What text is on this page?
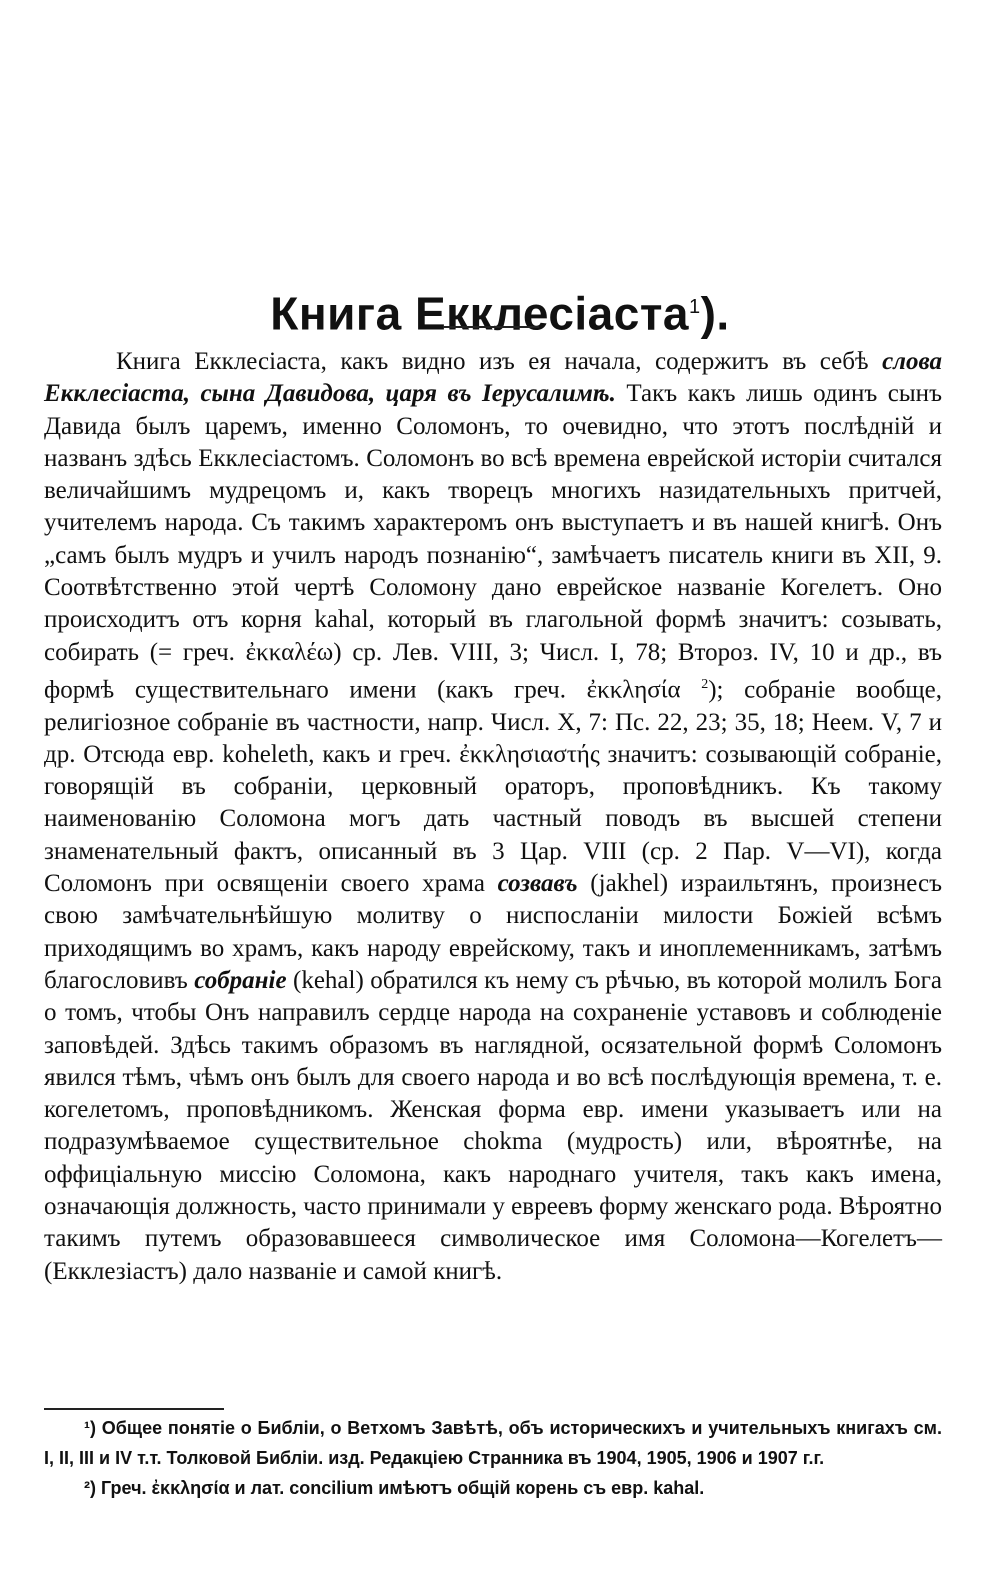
Книга Екклесіаста$^1$).

Книга Екклесіаста, какъ видно изъ ея начала, содержитъ въ себѣ слова Екклесіаста, сына Давидова, царя въ Іерусалимѣ. Такъ какъ лишь одинъ сынъ Давида былъ царемъ, именно Соломонъ, то очевидно, что этотъ послѣдній и названъ здѣсь Екклесіастомъ. Соломонъ во всѣ времена еврейской исторіи считался величайшимъ мудрецомъ и, какъ творецъ многихъ назидательныхъ притчей, учителемъ народа. Съ такимъ характеромъ онъ выступаетъ и въ нашей книгѣ. Онъ „самъ былъ мудръ и училъ народъ познанію“, замѣчаетъ писатель книги въ XII, 9. Соотвѣтственно этой чертѣ Соломону дано еврейское названіе Когелетъ. Оно происходитъ отъ корня kahal, который въ глагольной формѣ значитъ: созывать, собирать (= греч. ἐκκαλέω) ср. Лев. VIII, 3; Числ. I, 78; Второз. IV, 10 и др., въ формѣ существительнаго имени (какъ греч. ἐκκλησία $^2$); собраніе вообще, религіозное собраніе въ частности, напр. Числ. X, 7: Пс. 22, 23; 35, 18; Неем. V, 7 и др. Отсюда евр. koheleth, какъ и греч. ἐκκλησιαστής значитъ: созывающій собраніе, говорящій въ собраніи, церковный ораторъ, проповѣдникъ. Къ такому наименованію Соломона могъ дать частный поводъ въ высшей степени знаменательный фактъ, описанный въ 3 Цар. VIII (ср. 2 Пар. V—VI), когда Соломонъ при освященіи своего храма созвавъ (jakhel) израильтянъ, произнесъ свою замѣчательнѣйшую молитву о ниспосланіи милости Божіей всѣмъ приходящимъ во храмъ, какъ народу еврейскому, такъ и иноплеменникамъ, затѣмъ благословивъ собраніе (kehal) обратился къ нему съ рѣчью, въ которой молилъ Бога о томъ, чтобы Онъ направилъ сердце народа на сохраненіе уставовъ и соблюденіе заповѣдей. Здѣсь такимъ образомъ въ наглядной, осязательной формѣ Соломонъ явился тѣмъ, чѣмъ онъ былъ для своего народа и во всѣ послѣдующія времена, т. е. когелетомъ, проповѣдникомъ. Женская форма евр. имени указываетъ или на подразумѣваемое существительное chokma (мудрость) или, вѣроятнѣе, на оффиціальную миссію Соломона, какъ народнаго учителя, такъ какъ имена, означающія должность, часто принимали у евреевъ форму женскаго рода. Вѣроятно такимъ путемъ образовавшееся символическое имя Соломона—Когелетъ—(Екклезіастъ) дало названіе и самой книгѣ.

¹) Общее понятіе о Библіи, о Ветхомъ Завѣтѣ, объ историческихъ и учительныхъ книгахъ см. I, II, III и IV т.т. Толковой Библіи. изд. Редакціею Странника въ 1904, 1905, 1906 и 1907 г.г.

²) Греч. ἐκκλησία и лат. concilium имѣютъ общій корень съ евр. kahal.
